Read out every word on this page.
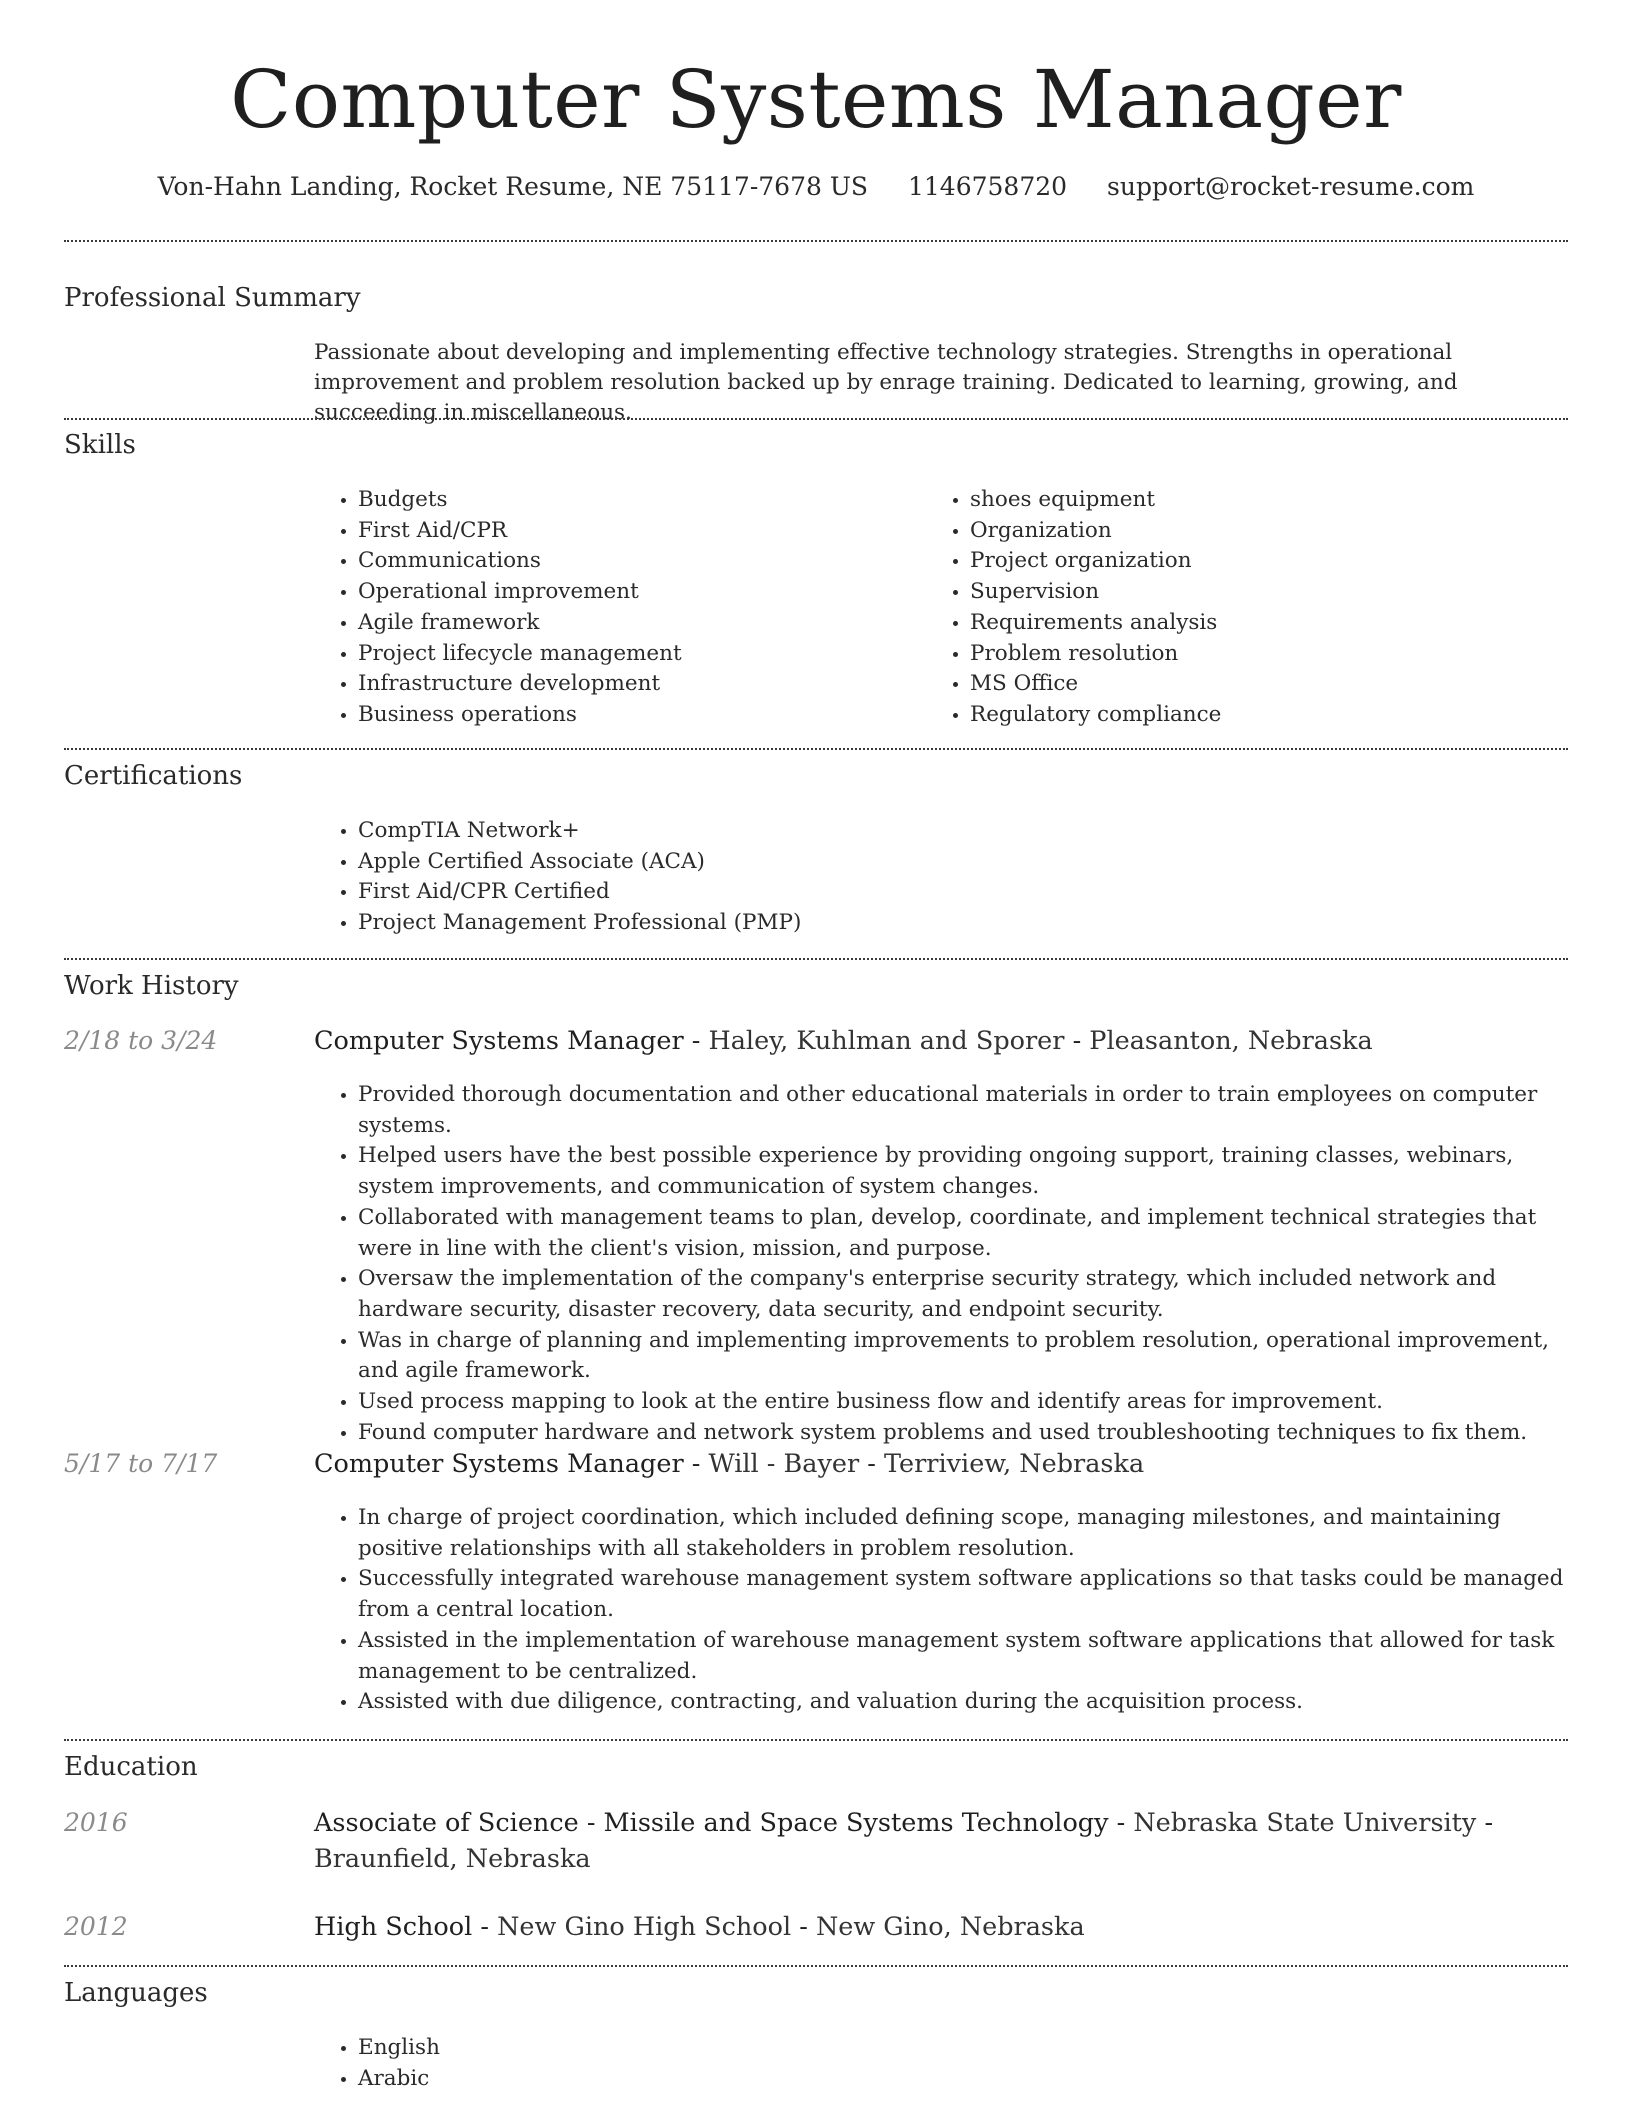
Computer Systems Manager
Von-Hahn Landing, Rocket Resume, NE 75117-7678 US 1146758720 support@rocket-resume.com
Professional Summary

Passionate about developing and implementing effective technology strategies. Strengths in operational improvement and problem resolution backed up by enrage training. Dedicated to learning, growing, and succeeding in miscellaneous.

Skills
• Budgets
• First Aid/CPR
• Communications
• Operational improvement
• Agile framework
• Project lifecycle management
• Infrastructure development
• Business operations
• shoes equipment
• Organization
• Project organization
• Supervision
• Requirements analysis
• Problem resolution
• MS Office
• Regulatory compliance
Certifications
• CompTIA Network+
• Apple Certified Associate (ACA)
• First Aid/CPR Certified
• Project Management Professional (PMP)
Work History
2/18 to 3/24	Computer Systems Manager - Haley, Kuhlman and Sporer - Pleasanton, Nebraska
• Provided thorough documentation and other educational materials in order to train employees on computer systems.
• Helped users have the best possible experience by providing ongoing support, training classes, webinars, system improvements, and communication of system changes.
• Collaborated with management teams to plan, develop, coordinate, and implement technical strategies that were in line with the client's vision, mission, and purpose.
• Oversaw the implementation of the company's enterprise security strategy, which included network and hardware security, disaster recovery, data security, and endpoint security.
• Was in charge of planning and implementing improvements to problem resolution, operational improvement, and agile framework.
• Used process mapping to look at the entire business flow and identify areas for improvement.
• Found computer hardware and network system problems and used troubleshooting techniques to fix them.
5/17 to 7/17	Computer Systems Manager - Will - Bayer - Terriview, Nebraska
• In charge of project coordination, which included defining scope, managing milestones, and maintaining positive relationships with all stakeholders in problem resolution.
• Successfully integrated warehouse management system software applications so that tasks could be managed from a central location.
• Assisted in the implementation of warehouse management system software applications that allowed for task management to be centralized.
• Assisted with due diligence, contracting, and valuation during the acquisition process.
Education
2016	Associate of Science - Missile and Space Systems Technology - Nebraska State University - Braunfield, Nebraska
2012	High School - New Gino High School - New Gino, Nebraska
Languages
• English
• Arabic
